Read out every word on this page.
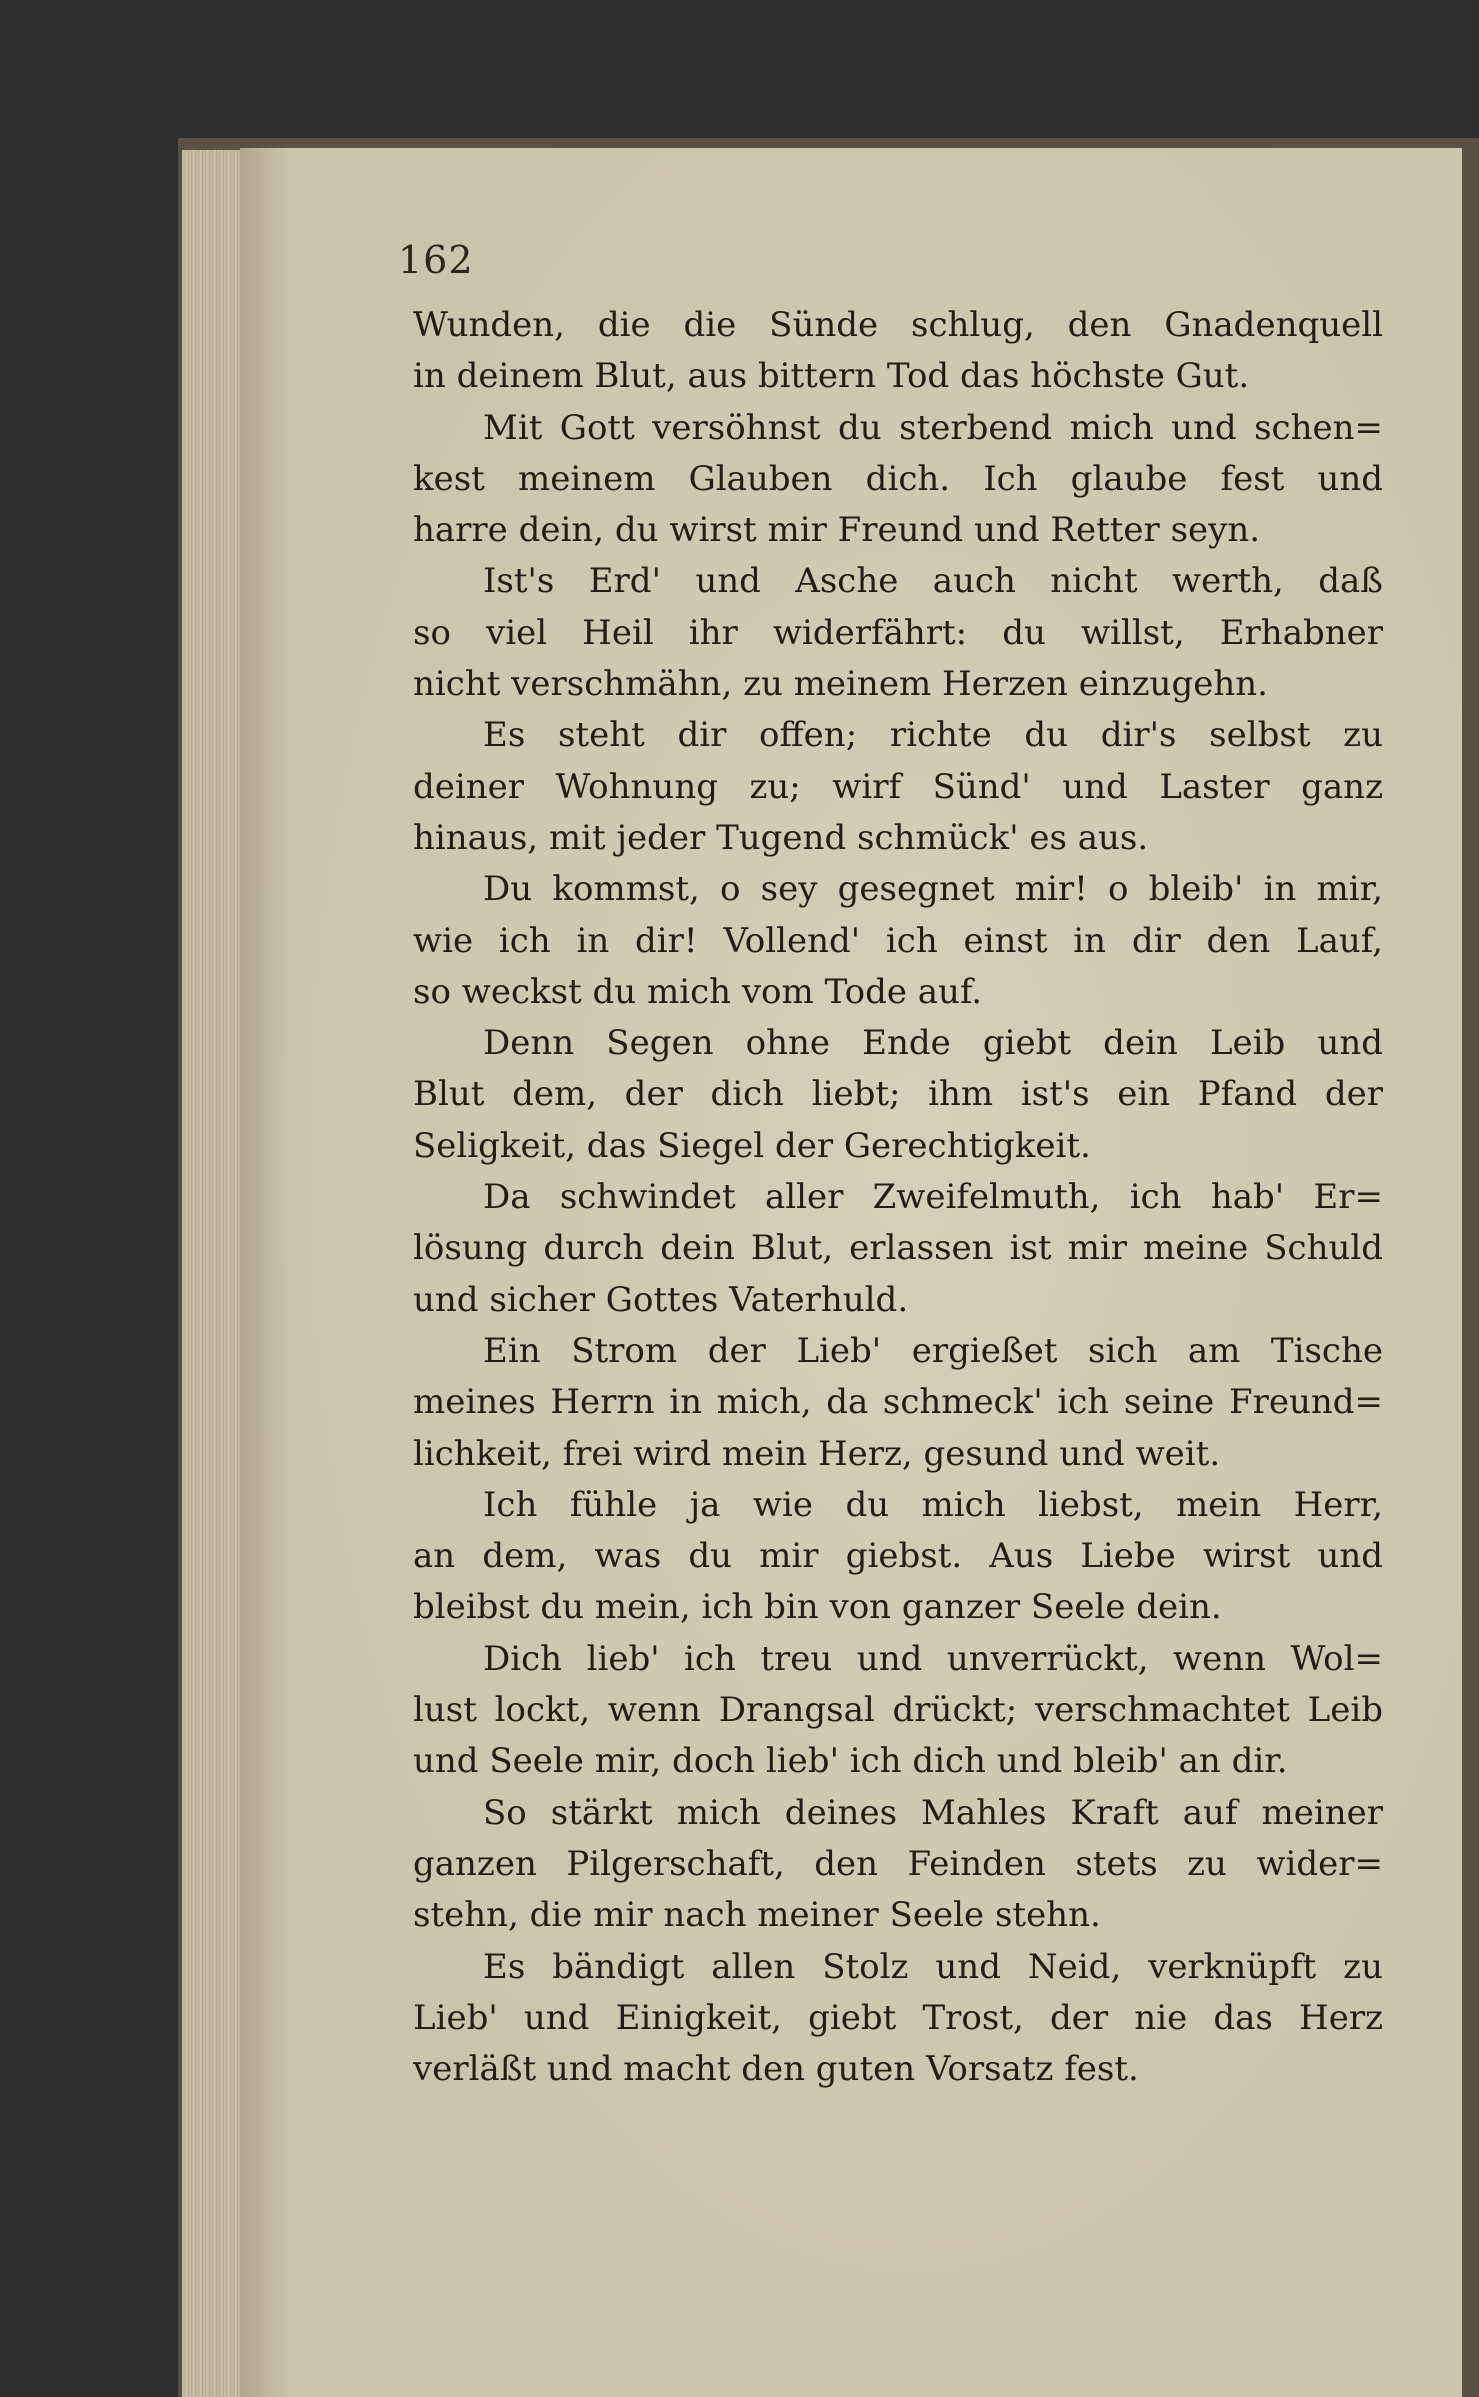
162
Wunden, die die Sünde schlug, den Gnadenquell
in deinem Blut, aus bittern Tod das höchste Gut.
Mit Gott versöhnst du sterbend mich und schen=
kest meinem Glauben dich. Ich glaube fest und
harre dein, du wirst mir Freund und Retter seyn.
Ist's Erd' und Asche auch nicht werth, daß
so viel Heil ihr widerfährt: du willst, Erhabner
nicht verschmähn, zu meinem Herzen einzugehn.
Es steht dir offen; richte du dir's selbst zu
deiner Wohnung zu; wirf Sünd' und Laster ganz
hinaus, mit jeder Tugend schmück' es aus.
Du kommst, o sey gesegnet mir! o bleib' in mir,
wie ich in dir! Vollend' ich einst in dir den Lauf,
so weckst du mich vom Tode auf.
Denn Segen ohne Ende giebt dein Leib und
Blut dem, der dich liebt; ihm ist's ein Pfand der
Seligkeit, das Siegel der Gerechtigkeit.
Da schwindet aller Zweifelmuth, ich hab' Er=
lösung durch dein Blut, erlassen ist mir meine Schuld
und sicher Gottes Vaterhuld.
Ein Strom der Lieb' ergießet sich am Tische
meines Herrn in mich, da schmeck' ich seine Freund=
lichkeit, frei wird mein Herz, gesund und weit.
Ich fühle ja wie du mich liebst, mein Herr,
an dem, was du mir giebst. Aus Liebe wirst und
bleibst du mein, ich bin von ganzer Seele dein.
Dich lieb' ich treu und unverrückt, wenn Wol=
lust lockt, wenn Drangsal drückt; verschmachtet Leib
und Seele mir, doch lieb' ich dich und bleib' an dir.
So stärkt mich deines Mahles Kraft auf meiner
ganzen Pilgerschaft, den Feinden stets zu wider=
stehn, die mir nach meiner Seele stehn.
Es bändigt allen Stolz und Neid, verknüpft zu
Lieb' und Einigkeit, giebt Trost, der nie das Herz
verläßt und macht den guten Vorsatz fest.
